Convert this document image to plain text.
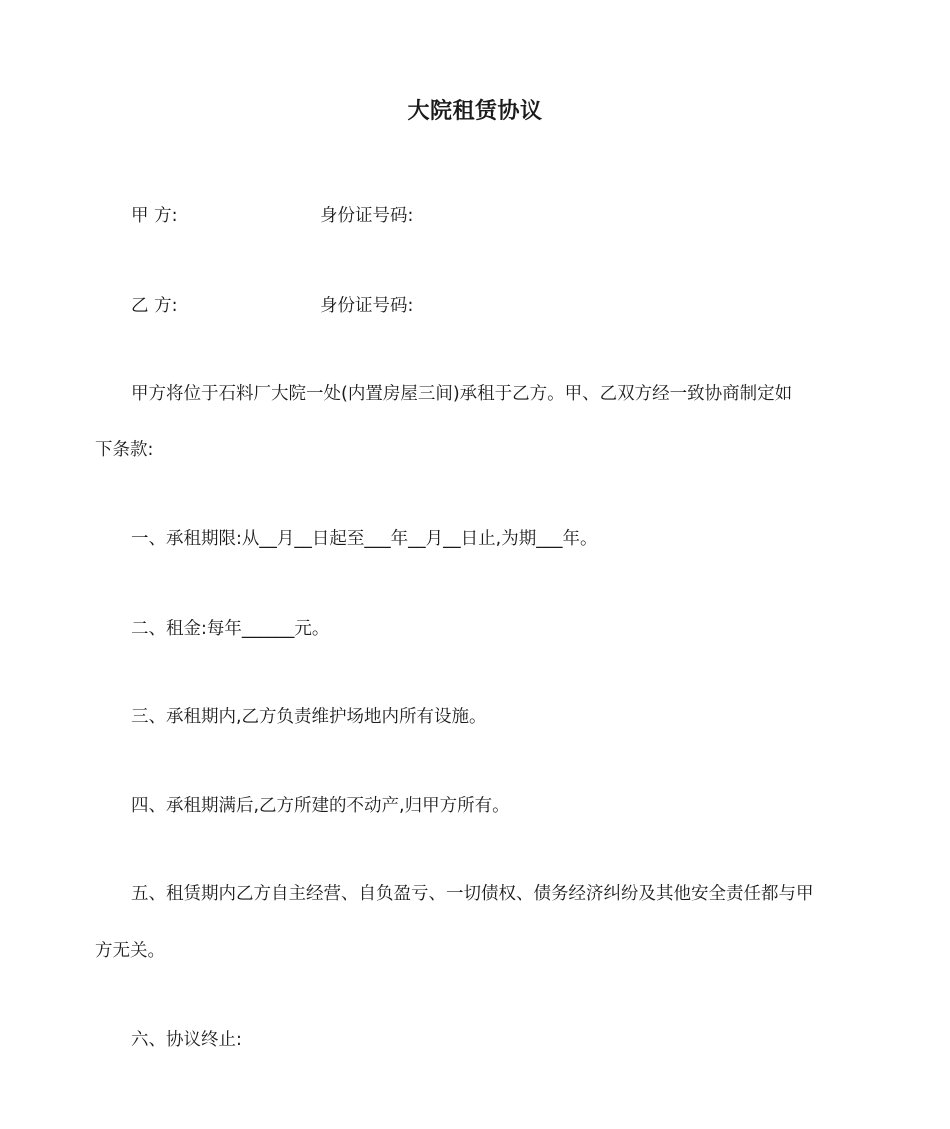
大院租赁协议
甲 方:	身份证号码:
乙 方:	身份证号码:
甲方将位于石料厂大院一处(内置房屋三间)承租于乙方。甲、乙双方经一致协商制定如
下条款:
一、承租期限:从__月__日起至___年__月__日止,为期___年。
二、租金:每年______元。
三、承租期内,乙方负责维护场地内所有设施。
四、承租期满后,乙方所建的不动产,归甲方所有。
五、租赁期内乙方自主经营、自负盈亏、一切债权、债务经济纠纷及其他安全责任都与甲
方无关。
六、协议终止:
